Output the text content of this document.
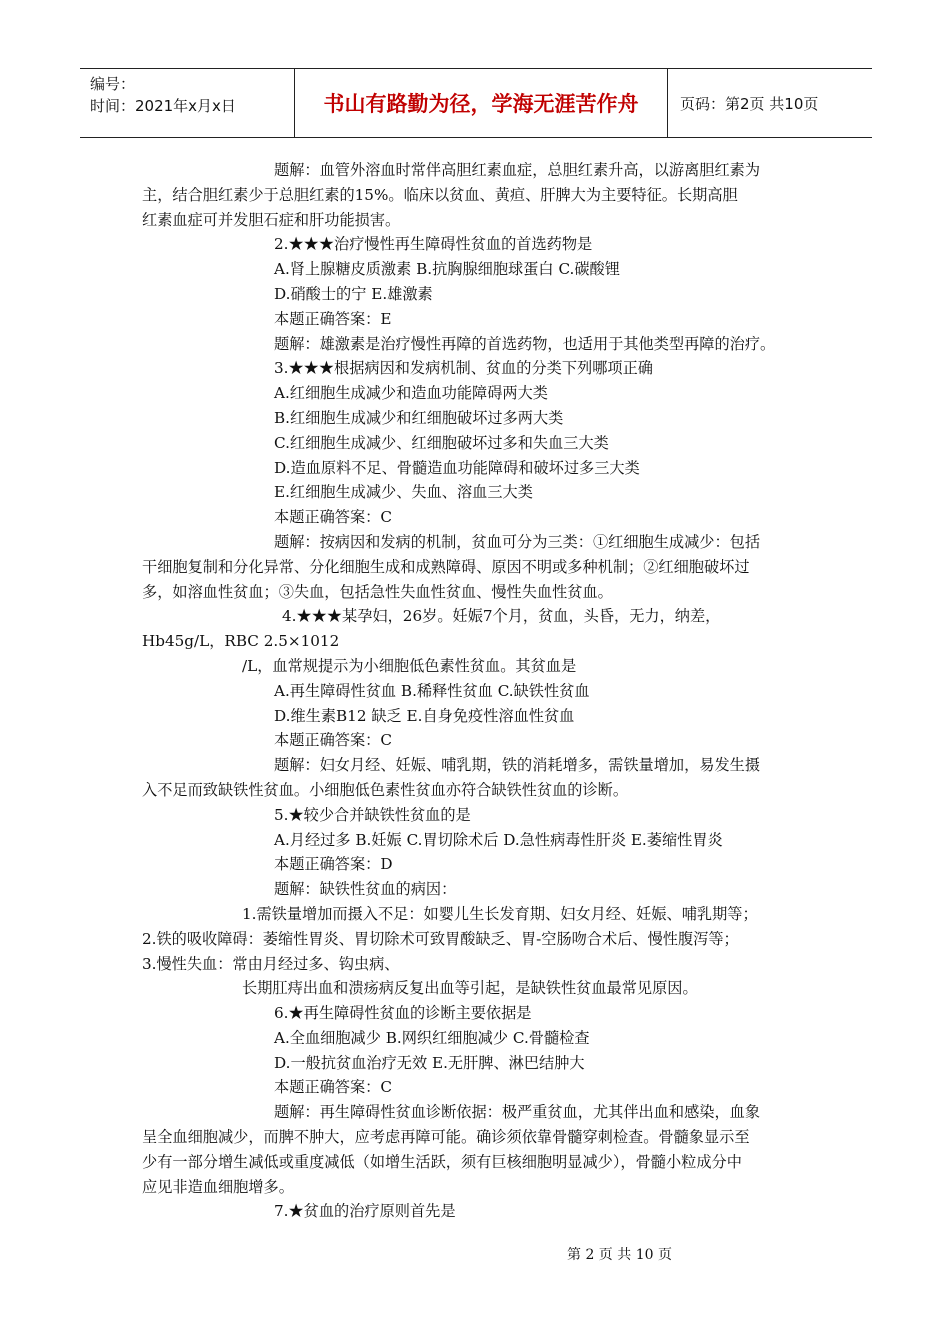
编号：
时间：2021年x月x日	书山有路勤为径，学海无涯苦作舟	页码：第2页 共10页
题解：血管外溶血时常伴高胆红素血症，总胆红素升高，以游离胆红素为
主，结合胆红素少于总胆红素的15%。临床以贫血、黄疸、肝脾大为主要特征。长期高胆
红素血症可并发胆石症和肝功能损害。
2.★★★治疗慢性再生障碍性贫血的首选药物是
A.肾上腺糖皮质激素 B.抗胸腺细胞球蛋白 C.碳酸锂
D.硝酸士的宁 E.雄激素
本题正确答案：E
题解：雄激素是治疗慢性再障的首选药物，也适用于其他类型再障的治疗。
3.★★★根据病因和发病机制、贫血的分类下列哪项正确
A.红细胞生成减少和造血功能障碍两大类
B.红细胞生成减少和红细胞破坏过多两大类
C.红细胞生成减少、红细胞破坏过多和失血三大类
D.造血原料不足、骨髓造血功能障碍和破坏过多三大类
E.红细胞生成减少、失血、溶血三大类
本题正确答案：C
题解：按病因和发病的机制，贫血可分为三类：①红细胞生成减少：包括
干细胞复制和分化异常、分化细胞生成和成熟障碍、原因不明或多种机制；②红细胞破坏过
多，如溶血性贫血；③失血，包括急性失血性贫血、慢性失血性贫血。
4.★★★某孕妇，26岁。妊娠7个月，贫血，头昏，无力，纳差，
Hb45g/L，RBC 2.5×1012
/L，血常规提示为小细胞低色素性贫血。其贫血是
A.再生障碍性贫血 B.稀释性贫血 C.缺铁性贫血
D.维生素B12 缺乏 E.自身免疫性溶血性贫血
本题正确答案：C
题解：妇女月经、妊娠、哺乳期，铁的消耗增多，需铁量增加，易发生摄
入不足而致缺铁性贫血。小细胞低色素性贫血亦符合缺铁性贫血的诊断。
5.★较少合并缺铁性贫血的是
A.月经过多 B.妊娠 C.胃切除术后 D.急性病毒性肝炎 E.萎缩性胃炎
本题正确答案：D
题解：缺铁性贫血的病因：
1.需铁量增加而摄入不足：如婴儿生长发育期、妇女月经、妊娠、哺乳期等；
2.铁的吸收障碍：萎缩性胃炎、胃切除术可致胃酸缺乏、胃-空肠吻合术后、慢性腹泻等；
3.慢性失血：常由月经过多、钩虫病、
长期肛痔出血和溃疡病反复出血等引起，是缺铁性贫血最常见原因。
6.★再生障碍性贫血的诊断主要依据是
A.全血细胞减少 B.网织红细胞减少 C.骨髓检查
D.一般抗贫血治疗无效 E.无肝脾、淋巴结肿大
本题正确答案：C
题解：再生障碍性贫血诊断依据：极严重贫血，尤其伴出血和感染，血象
呈全血细胞减少，而脾不肿大，应考虑再障可能。确诊须依靠骨髓穿刺检查。骨髓象显示至
少有一部分增生减低或重度减低（如增生活跃，须有巨核细胞明显减少），骨髓小粒成分中
应见非造血细胞增多。
7.★贫血的治疗原则首先是
第 2 页 共 10 页
